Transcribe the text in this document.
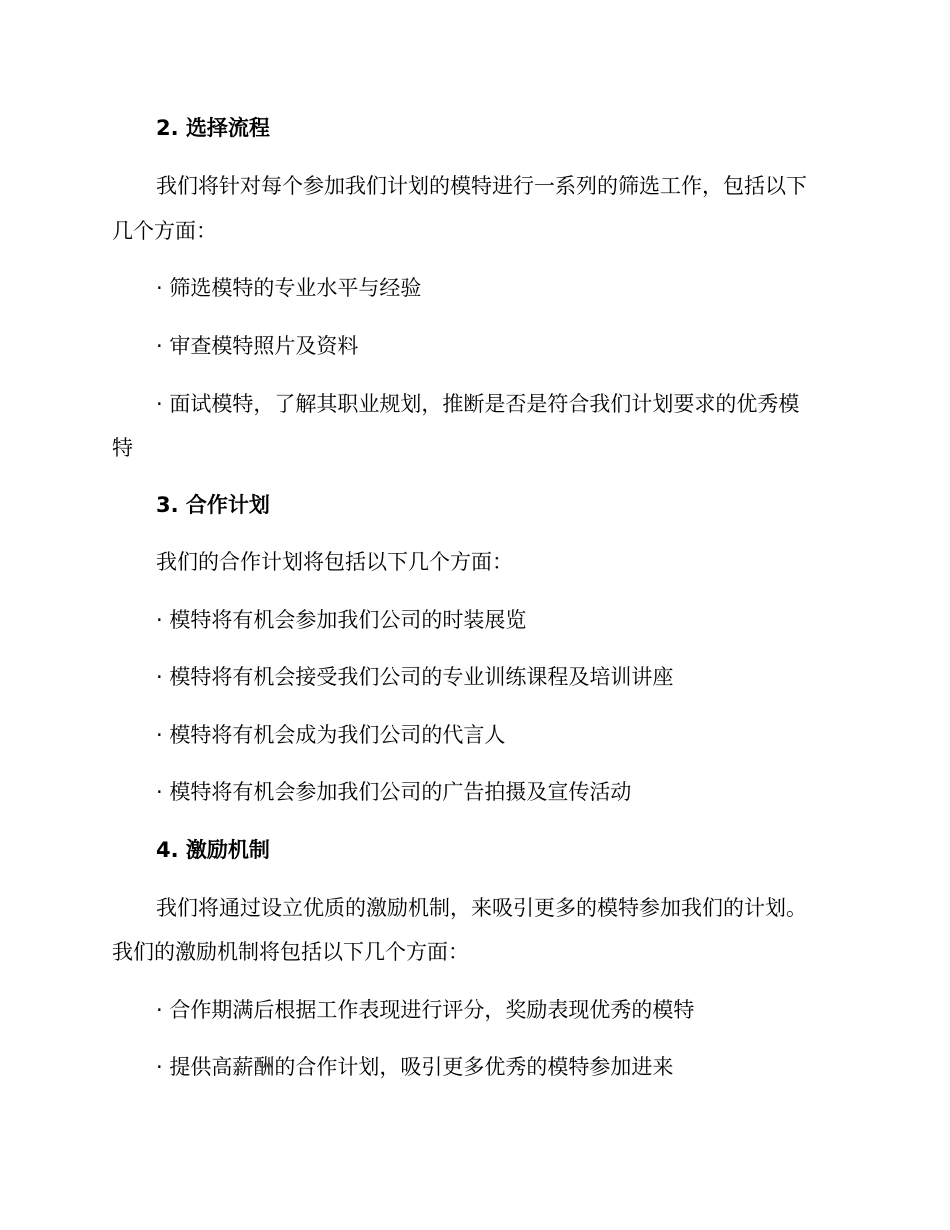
2. 选择流程

我们将针对每个参加我们计划的模特进行一系列的筛选工作，包括以下

几个方面：

· 筛选模特的专业水平与经验

· 审查模特照片及资料

· 面试模特，了解其职业规划，推断是否是符合我们计划要求的优秀模

特

3. 合作计划

我们的合作计划将包括以下几个方面：

· 模特将有机会参加我们公司的时装展览

· 模特将有机会接受我们公司的专业训练课程及培训讲座

· 模特将有机会成为我们公司的代言人

· 模特将有机会参加我们公司的广告拍摄及宣传活动

4. 激励机制

我们将通过设立优质的激励机制，来吸引更多的模特参加我们的计划。

我们的激励机制将包括以下几个方面：

· 合作期满后根据工作表现进行评分，奖励表现优秀的模特

· 提供高薪酬的合作计划，吸引更多优秀的模特参加进来
